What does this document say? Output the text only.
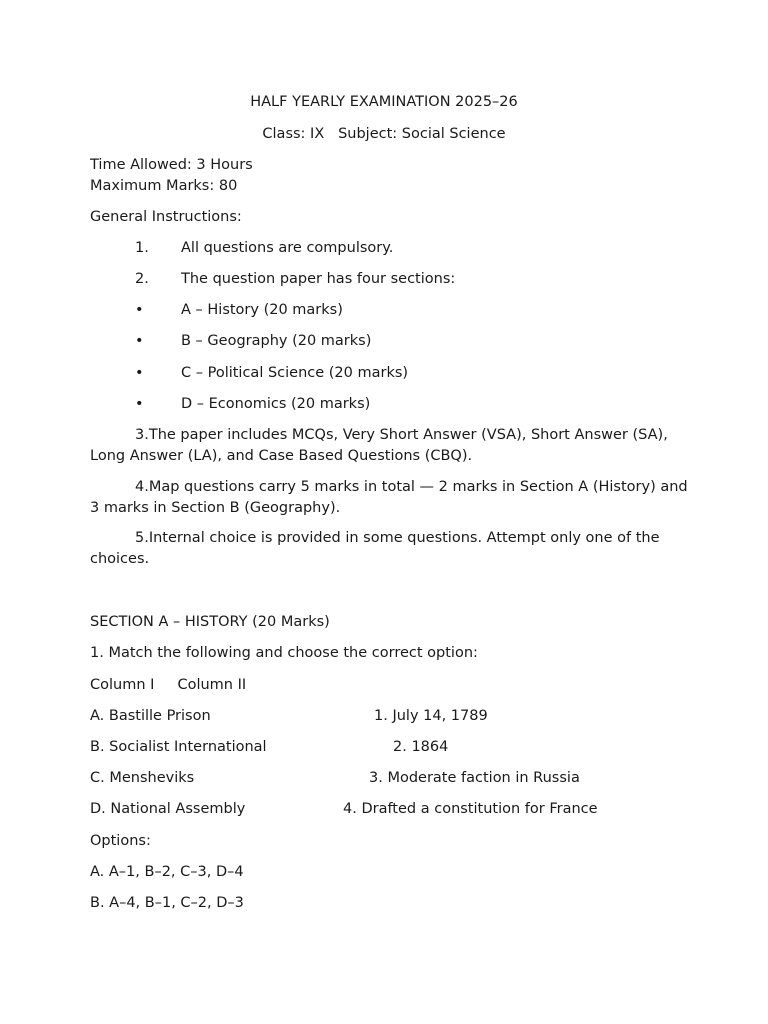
HALF YEARLY EXAMINATION 2025–26
Class: IX   Subject: Social Science
Time Allowed: 3 Hours
Maximum Marks: 80
General Instructions:
1. All questions are compulsory.
2. The question paper has four sections:
•	A – History (20 marks)
•	B – Geography (20 marks)
•	C – Political Science (20 marks)
•	D – Economics (20 marks)
3.The paper includes MCQs, Very Short Answer (VSA), Short Answer (SA), Long Answer (LA), and Case Based Questions (CBQ).
4.Map questions carry 5 marks in total — 2 marks in Section A (History) and 3 marks in Section B (Geography).
5.Internal choice is provided in some questions. Attempt only one of the choices.
SECTION A – HISTORY (20 Marks)
1. Match the following and choose the correct option:
Column I     Column II
A. Bastille Prison	1. July 14, 1789
B. Socialist International	2. 1864
C. Mensheviks	3. Moderate faction in Russia
D. National Assembly	4. Drafted a constitution for France
Options:
A. A–1, B–2, C–3, D–4
B. A–4, B–1, C–2, D–3
